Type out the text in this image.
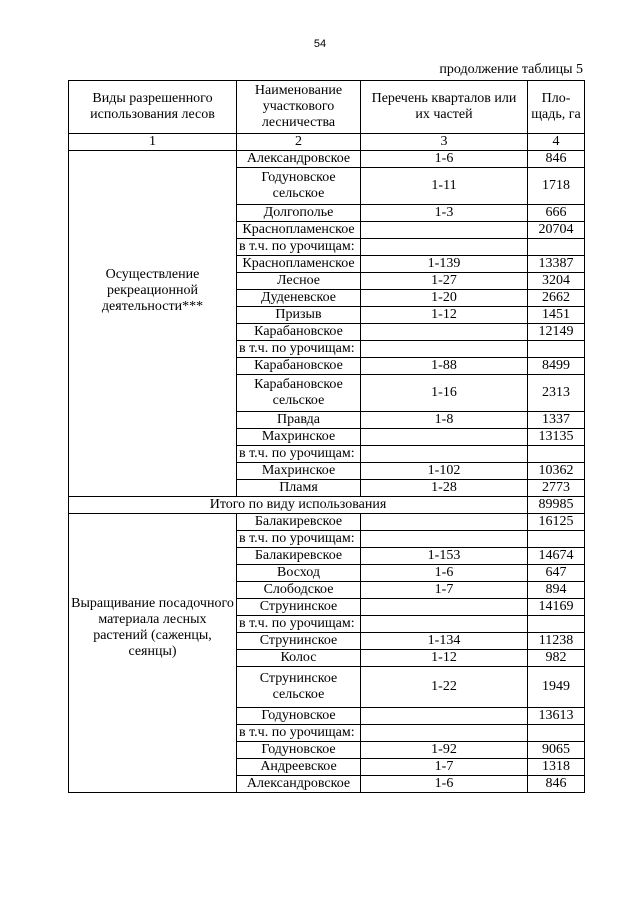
54
продолжение таблицы 5
Виды разрешенного использования лесов	Наименование участкового лесничества	Перечень кварталов или их частей	Пло-щадь, га
1	2	3	4

Осуществление рекреационной деятельности***	Александровское	1-6	846
	Годуновское сельское	1-11	1718
	Долгополье	1-3	666
	Краснопламенское		20704
	в т.ч. по урочищам:		
	Краснопламенское	1-139	13387
	Лесное	1-27	3204
	Дуденевское	1-20	2662
	Призыв	1-12	1451
	Карабановское		12149
	в т.ч. по урочищам:		
	Карабановское	1-88	8499
	Карабановское сельское	1-16	2313
	Правда	1-8	1337
	Махринское		13135
	в т.ч. по урочищам:		
	Махринское	1-102	10362
	Пламя	1-28	2773
Итого по виду использования			89985

Выращивание посадочного материала лесных растений (саженцы, сеянцы)	Балакиревское		16125
	в т.ч. по урочищам:		
	Балакиревское	1-153	14674
	Восход	1-6	647
	Слободское	1-7	894
	Струнинское		14169
	в т.ч. по урочищам:		
	Струнинское	1-134	11238
	Колос	1-12	982
	Струнинское сельское	1-22	1949
	Годуновское		13613
	в т.ч. по урочищам:		
	Годуновское	1-92	9065
	Андреевское	1-7	1318
	Александровское	1-6	846
